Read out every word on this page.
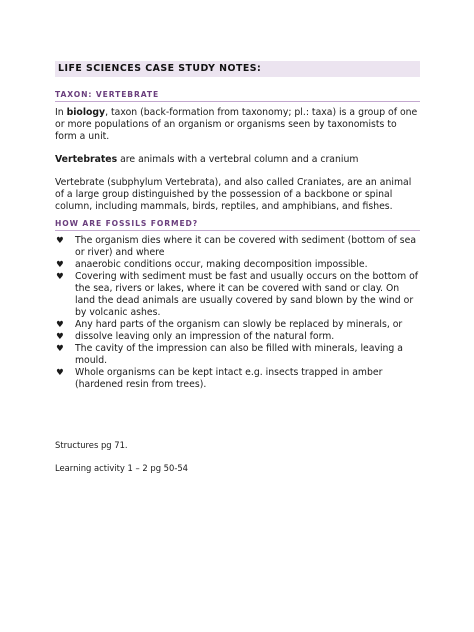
LIFE SCIENCES CASE STUDY NOTES:
TAXON: VERTEBRATE

In biology, taxon (back-formation from taxonomy; pl.: taxa) is a group of one or more populations of an organism or organisms seen by taxonomists to form a unit.

Vertebrates are animals with a vertebral column and a cranium

Vertebrate (subphylum Vertebrata), and also called Craniates, are an animal of a large group distinguished by the possession of a backbone or spinal column, including mammals, birds, reptiles, and amphibians, and fishes.

HOW ARE FOSSILS FORMED?
♥ The organism dies where it can be covered with sediment (bottom of sea or river) and where
♥ anaerobic conditions occur, making decomposition impossible.
♥ Covering with sediment must be fast and usually occurs on the bottom of the sea, rivers or lakes, where it can be covered with sand or clay. On land the dead animals are usually covered by sand blown by the wind or by volcanic ashes.
♥ Any hard parts of the organism can slowly be replaced by minerals, or
♥ dissolve leaving only an impression of the natural form.
♥ The cavity of the impression can also be filled with minerals, leaving a mould.
♥ Whole organisms can be kept intact e.g. insects trapped in amber (hardened resin from trees).

Structures pg 71.

Learning activity 1 – 2 pg 50-54
